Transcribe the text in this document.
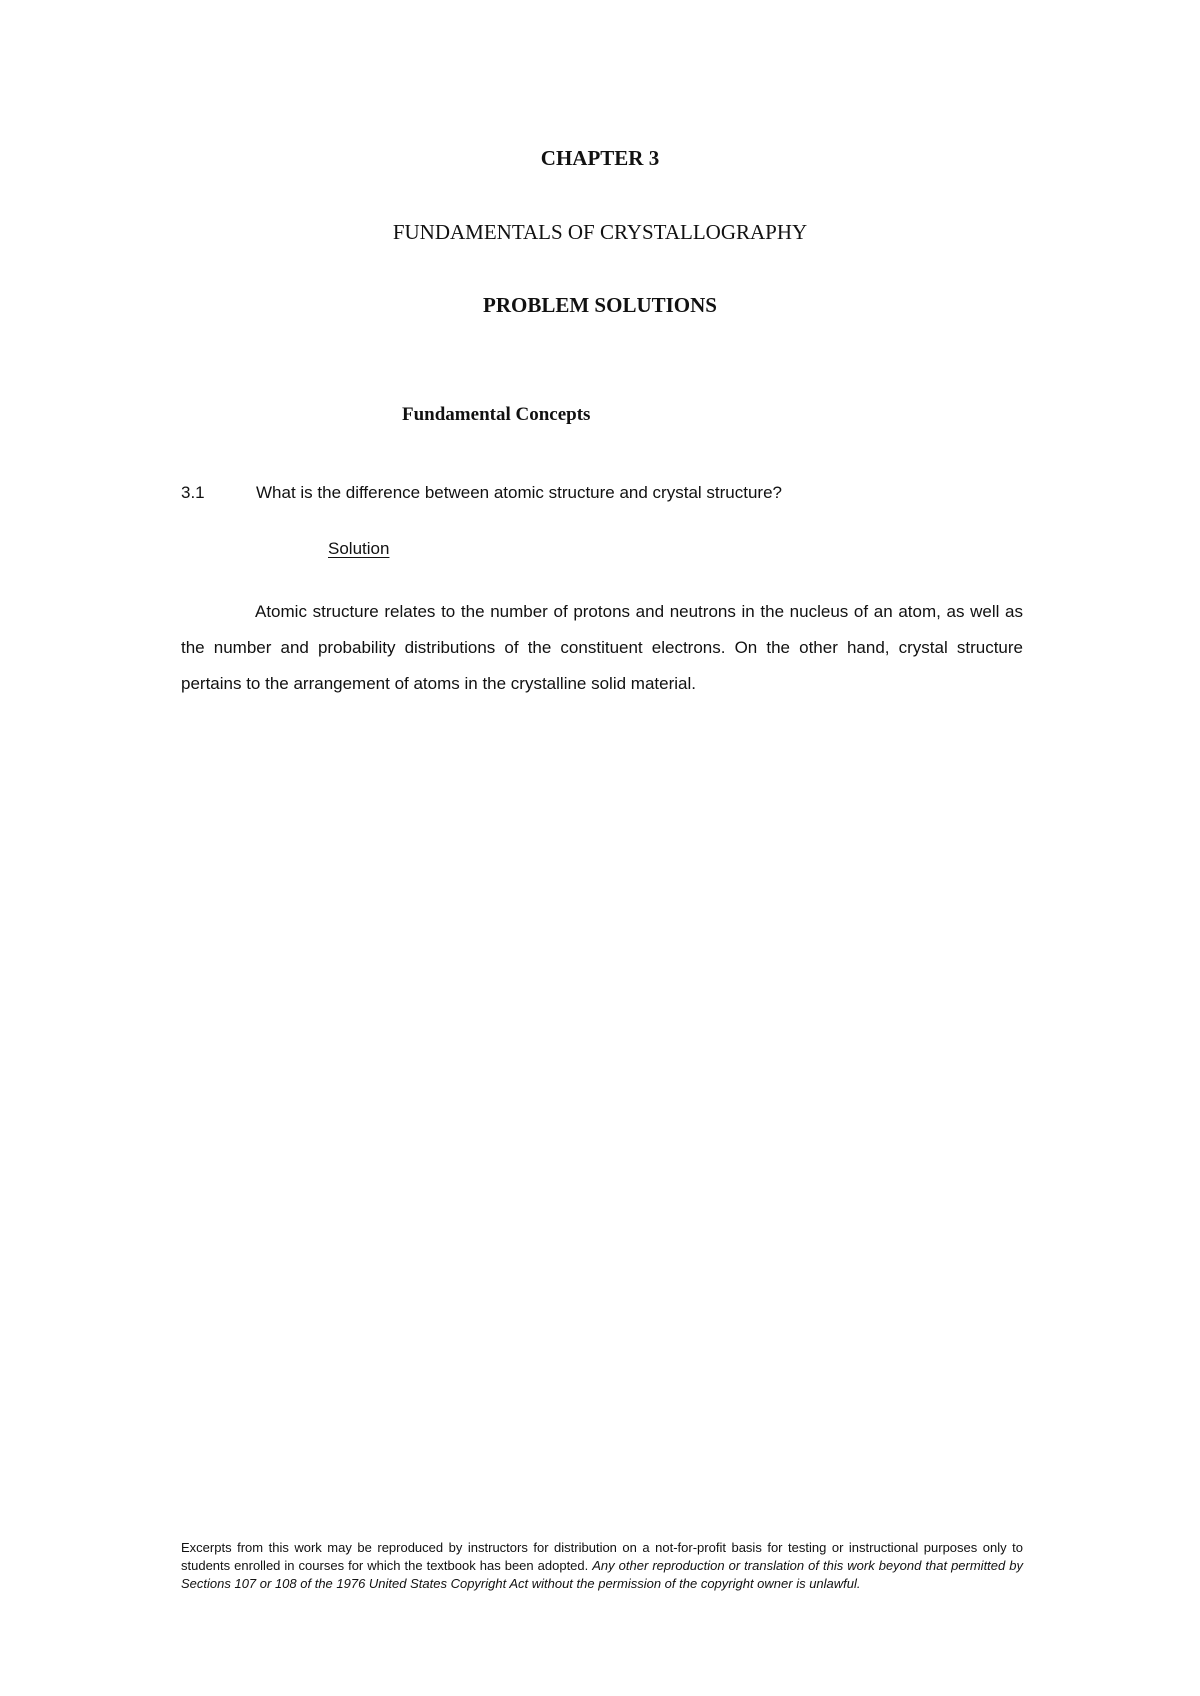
CHAPTER 3
FUNDAMENTALS OF CRYSTALLOGRAPHY
PROBLEM SOLUTIONS
Fundamental Concepts
3.1	What is the difference between atomic structure and crystal structure?
Solution

Atomic structure relates to the number of protons and neutrons in the nucleus of an atom, as well as the number and probability distributions of the constituent electrons. On the other hand, crystal structure pertains to the arrangement of atoms in the crystalline solid material.

Excerpts from this work may be reproduced by instructors for distribution on a not-for-profit basis for testing or instructional purposes only to students enrolled in courses for which the textbook has been adopted. Any other reproduction or translation of this work beyond that permitted by Sections 107 or 108 of the 1976 United States Copyright Act without the permission of the copyright owner is unlawful.
